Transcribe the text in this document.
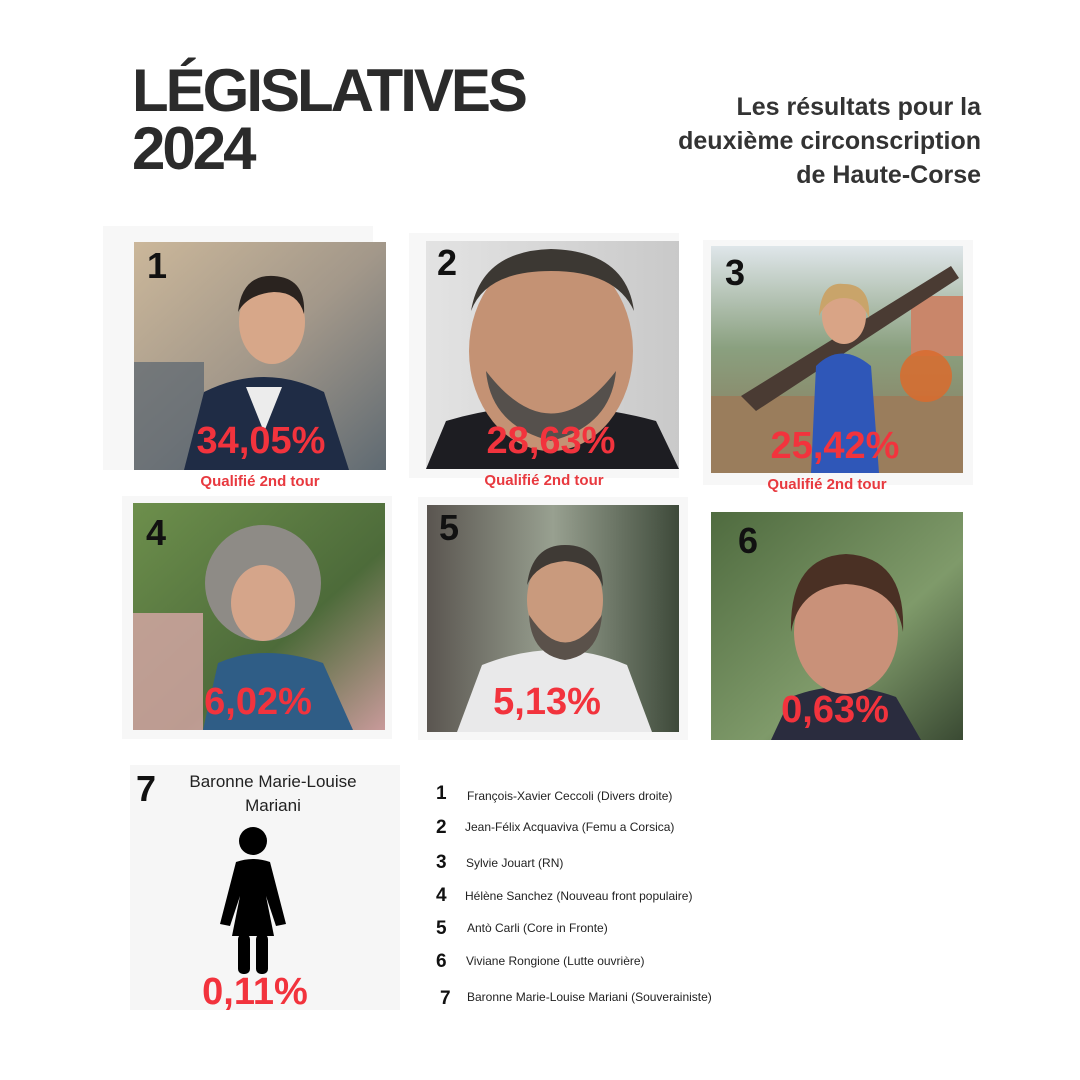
LÉGISLATIVES
2024
Les résultats pour la
deuxième circonscription
de Haute-Corse
1
34,05%
Qualifié 2nd tour
2
28,63%
Qualifié 2nd tour
3
25,42%
Qualifié 2nd tour
4
6,02%
5
5,13%
6
0,63%
7	Baronne Marie-Louise Mariani
0,11%
1 François-Xavier Ceccoli (Divers droite)
2 Jean-Félix Acquaviva (Femu a Corsica)
3 Sylvie Jouart (RN)
4 Hélène Sanchez (Nouveau front populaire)
5 Antò Carli (Core in Fronte)
6 Viviane Rongione (Lutte ouvrière)
7 Baronne Marie-Louise Mariani (Souverainiste)
